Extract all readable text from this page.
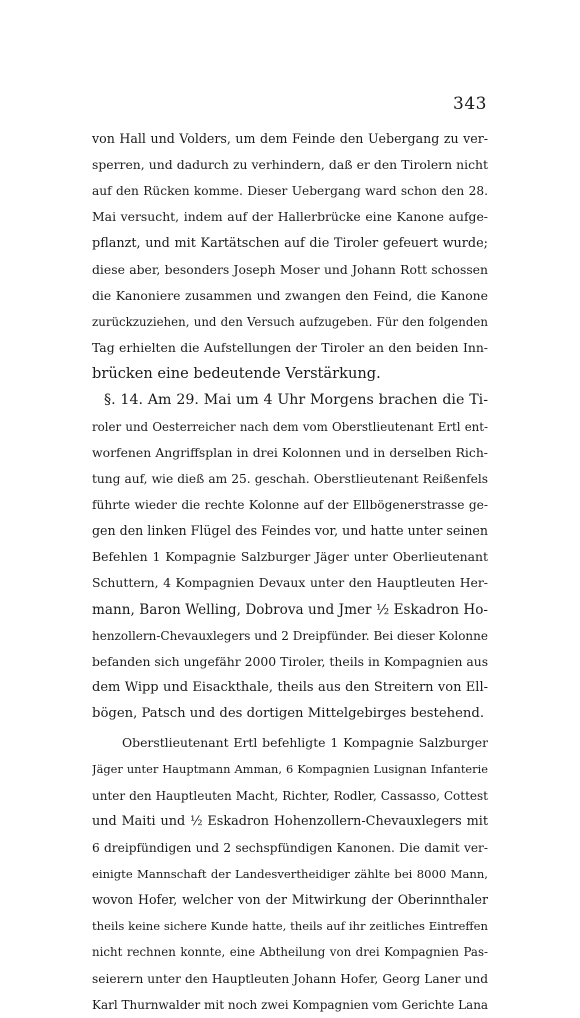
343
von Hall und Volders, um dem Feinde den Uebergang zu ver-
sperren, und dadurch zu verhindern, daß er den Tirolern nicht
auf den Rücken komme. Dieser Uebergang ward schon den 28.
Mai versucht, indem auf der Hallerbrücke eine Kanone aufge-
pflanzt, und mit Kartätschen auf die Tiroler gefeuert wurde;
diese aber, besonders Joseph Moser und Johann Rott schossen
die Kanoniere zusammen und zwangen den Feind, die Kanone
zurückzuziehen, und den Versuch aufzugeben. Für den folgenden
Tag erhielten die Aufstellungen der Tiroler an den beiden Inn-
brücken eine bedeutende Verstärkung.
§. 14. Am 29. Mai um 4 Uhr Morgens brachen die Ti-
roler und Oesterreicher nach dem vom Oberstlieutenant Ertl ent-
worfenen Angriffsplan in drei Kolonnen und in derselben Rich-
tung auf, wie dieß am 25. geschah. Oberstlieutenant Reißenfels
führte wieder die rechte Kolonne auf der Ellbögenerstrasse ge-
gen den linken Flügel des Feindes vor, und hatte unter seinen
Befehlen 1 Kompagnie Salzburger Jäger unter Oberlieutenant
Schuttern, 4 Kompagnien Devaux unter den Hauptleuten Her-
mann, Baron Welling, Dobrova und Jmer ½ Eskadron Ho-
henzollern-Chevauxlegers und 2 Dreipfünder. Bei dieser Kolonne
befanden sich ungefähr 2000 Tiroler, theils in Kompagnien aus
dem Wipp und Eisackthale, theils aus den Streitern von Ell-
bögen, Patsch und des dortigen Mittelgebirges bestehend.
Oberstlieutenant Ertl befehligte 1 Kompagnie Salzburger
Jäger unter Hauptmann Amman, 6 Kompagnien Lusignan Infanterie
unter den Hauptleuten Macht, Richter, Rodler, Cassasso, Cottest
und Maiti und ½ Eskadron Hohenzollern-Chevauxlegers mit
6 dreipfündigen und 2 sechspfündigen Kanonen. Die damit ver-
einigte Mannschaft der Landesvertheidiger zählte bei 8000 Mann,
wovon Hofer, welcher von der Mitwirkung der Oberinnthaler
theils keine sichere Kunde hatte, theils auf ihr zeitliches Eintreffen
nicht rechnen konnte, eine Abtheilung von drei Kompagnien Pas-
seierern unter den Hauptleuten Johann Hofer, Georg Laner und
Karl Thurnwalder mit noch zwei Kompagnien vom Gerichte Lana
